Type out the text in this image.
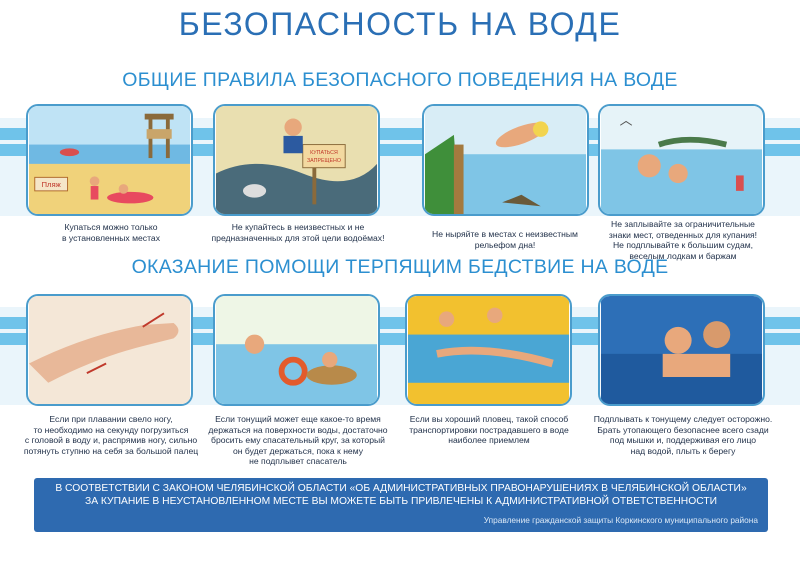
БЕЗОПАСНОСТЬ НА ВОДЕ
ОБЩИЕ ПРАВИЛА БЕЗОПАСНОГО ПОВЕДЕНИЯ НА ВОДЕ
Пляж
КУПАТЬСЯ
ЗАПРЕЩЕНО
Купаться можно только
в установленных местах
Не купайтесь в неизвестных и не
предназначенных для этой цели водоёмах!	Не ныряйте в местах с неизвестным
рельефом дна!
Не заплывайте за ограничительные
знаки мест, отведенных для купания!
Не подплывайте к большим судам,
веселым лодкам и баржам
ОКАЗАНИЕ ПОМОЩИ ТЕРПЯЩИМ БЕДСТВИЕ НА ВОДЕ
Если при плавании свело ногу,
то необходимо на секунду погрузиться
с головой в воду и, распрямив ногу, сильно
потянуть ступню на себя за большой палец
Если тонущий может еще какое-то время
держаться на поверхности воды, достаточно
бросить ему спасательный круг, за который
он будет держаться, пока к нему
не подплывет спасатель
Если вы хороший пловец, такой способ
транспортировки пострадавшего в воде
наиболее приемлем
Подплывать к тонущему следует осторожно.
Брать утопающего безопаснее всего сзади
под мышки и, поддерживая его лицо
над водой, плыть к берегу
В СООТВЕТСТВИИ С ЗАКОНОМ ЧЕЛЯБИНСКОЙ ОБЛАСТИ «ОБ АДМИНИСТРАТИВНЫХ ПРАВОНАРУШЕНИЯХ В ЧЕЛЯБИНСКОЙ ОБЛАСТИ»
ЗА КУПАНИЕ В НЕУСТАНОВЛЕННОМ МЕСТЕ ВЫ МОЖЕТЕ БЫТЬ ПРИВЛЕЧЕНЫ К АДМИНИСТРАТИВНОЙ ОТВЕТСТВЕННОСТИ
Управление гражданской защиты Коркинского муниципального района
